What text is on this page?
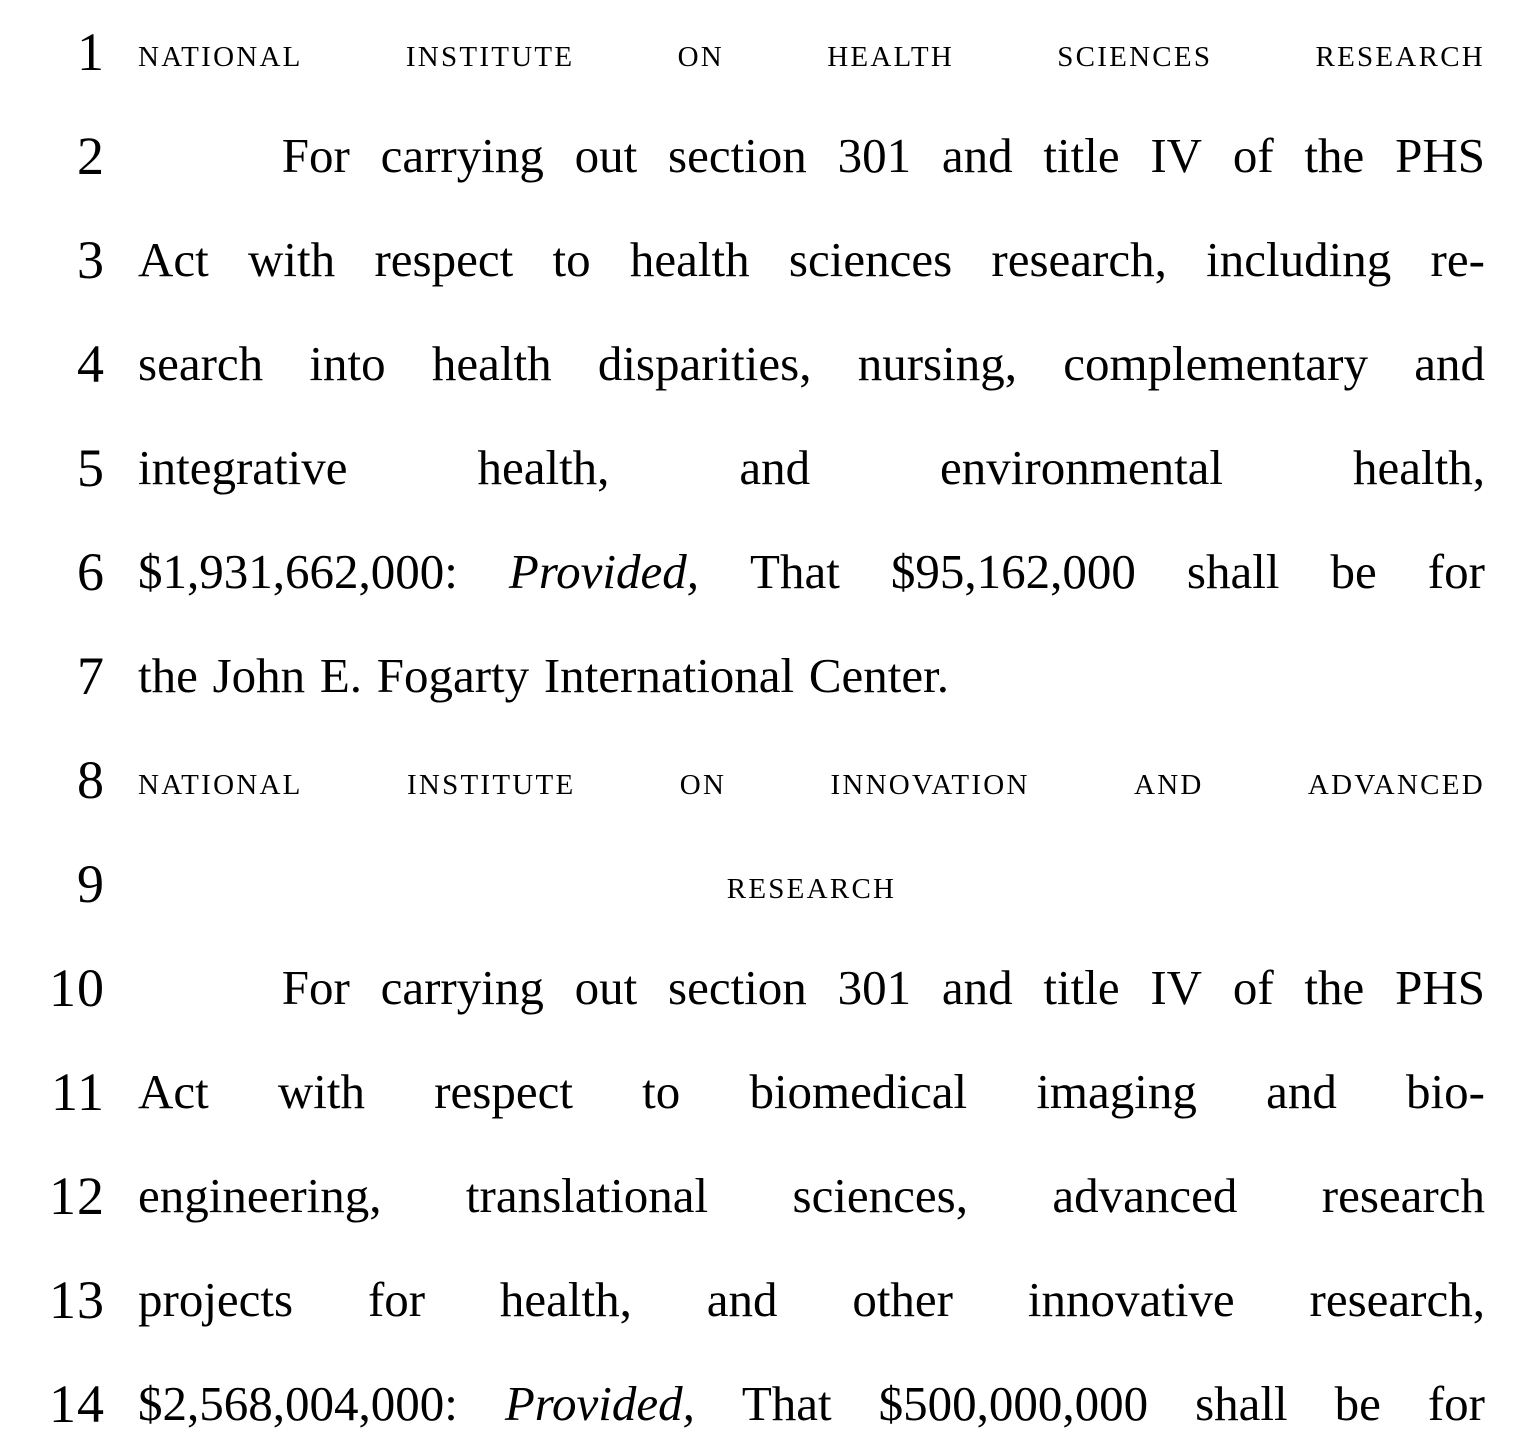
1 national	institute	on	health	sciences	research
2	For carrying out section 301 and title IV of the PHS
3 Act with respect to health sciences research, including re-
4 search into health disparities, nursing, complementary and
5 integrative	health,	and	environmental	health,
6 $1,931,662,000: Provided, That $95,162,000 shall be for
7 the John E. Fogarty International Center.
8 national	institute	on	innovation	and	advanced
9	research
10	For carrying out section 301 and title IV of the PHS
11 Act with respect to biomedical imaging and bio-
12 engineering, translational sciences, advanced research
13 projects for health, and other innovative research,
14 $2,568,004,000: Provided, That $500,000,000 shall be for
